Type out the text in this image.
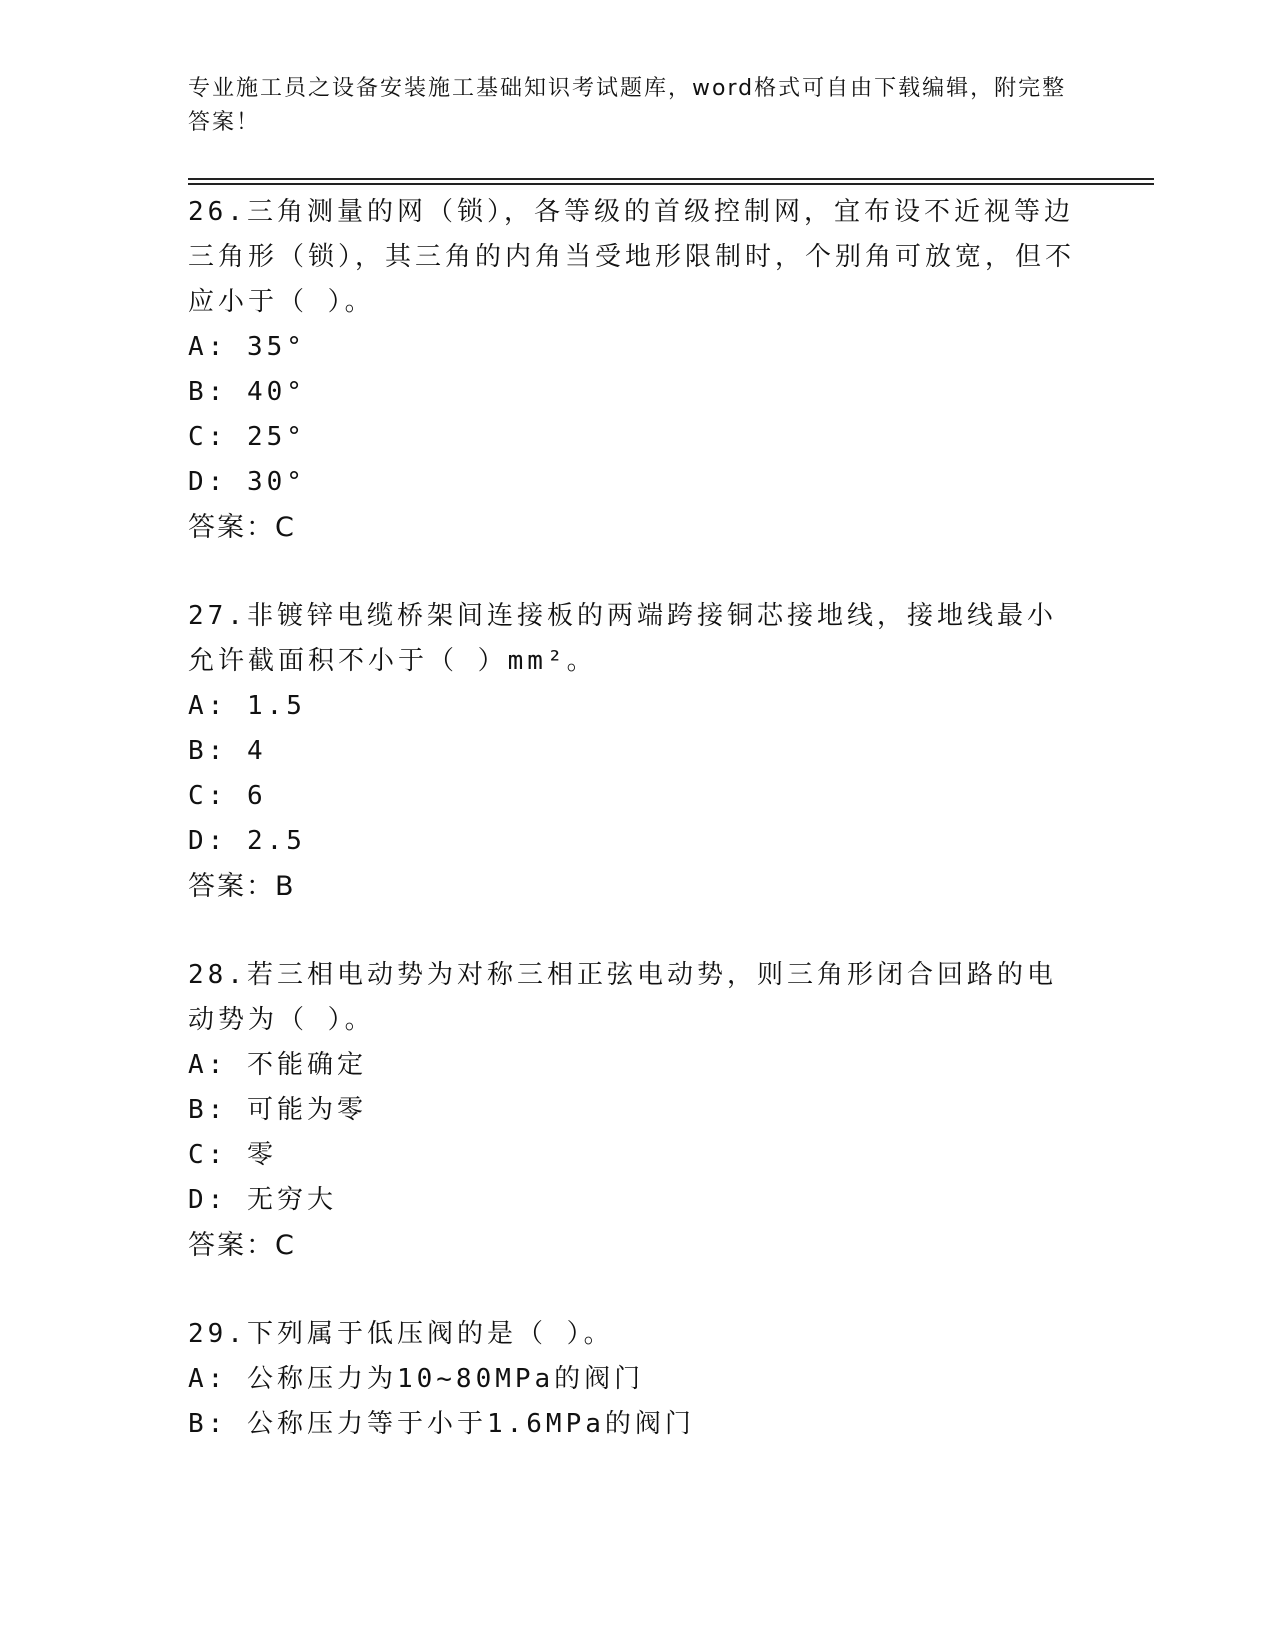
专业施工员之设备安装施工基础知识考试题库，word格式可自由下载编辑，附完整答案！
26.三角测量的网（锁），各等级的首级控制网，宜布设不近视等边三角形（锁），其三角的内角当受地形限制时，个别角可放宽，但不应小于（ ）。
A: 35°
B: 40°
C: 25°
D: 30°
答案：C
27.非镀锌电缆桥架间连接板的两端跨接铜芯接地线，接地线最小允许截面积不小于（ ）mm²。
A: 1.5
B: 4
C: 6
D: 2.5
答案：B
28.若三相电动势为对称三相正弦电动势，则三角形闭合回路的电动势为（ ）。
A: 不能确定
B: 可能为零
C: 零
D: 无穷大
答案：C
29.下列属于低压阀的是（ ）。
A: 公称压力为10~80MPa的阀门
B: 公称压力等于小于1.6MPa的阀门
